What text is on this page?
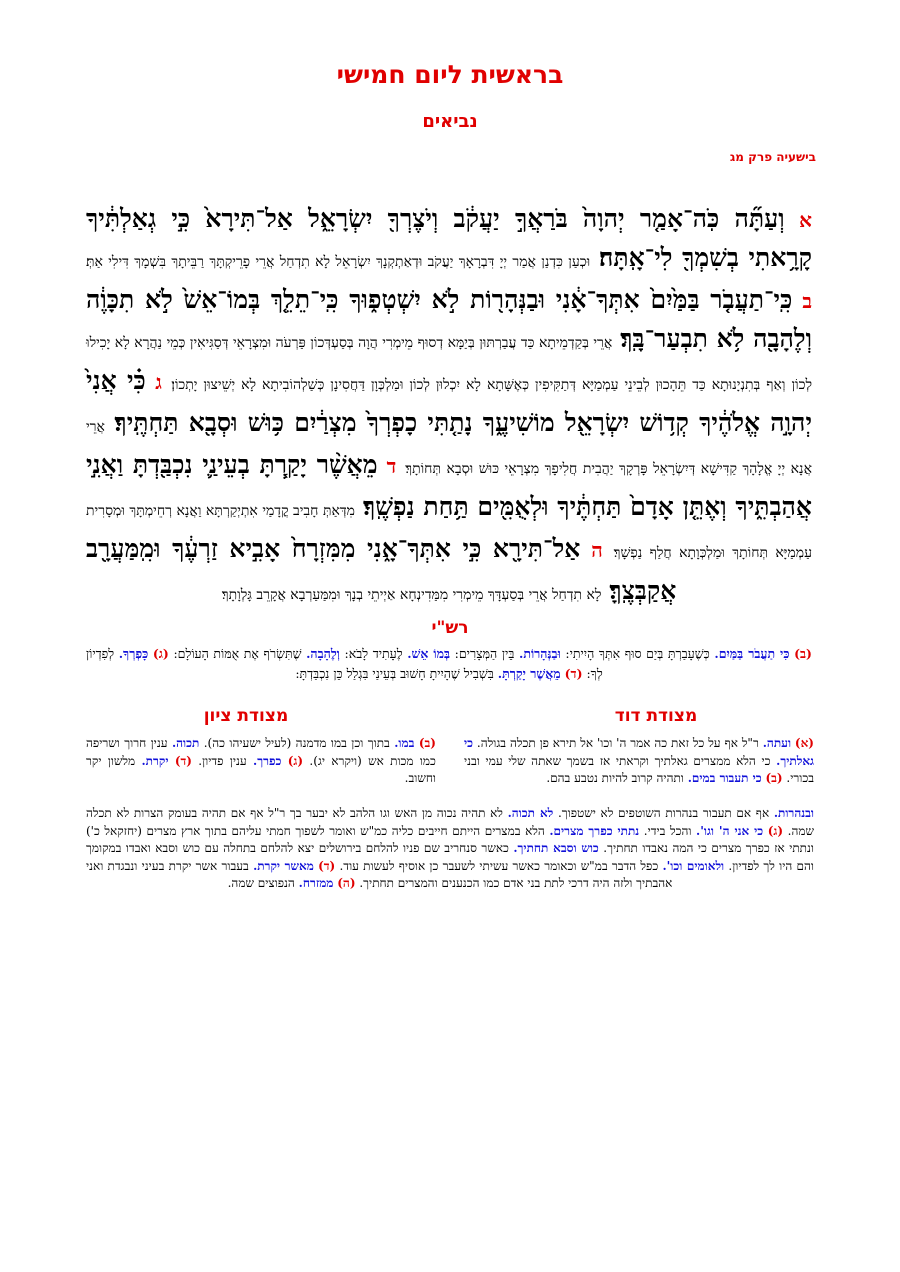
בראשית ליום חמישי
נביאים
בישעיה פרק מג
א וְעַתָּ֞ה כֹּֽה־אָמַ֤ר יְהוָה֙ בֹּרַאֲךָ֣ יַעֲקֹ֔ב וְיֹצֶרְךָ֖ יִשְׂרָאֵ֑ל אַל־תִּירָא֙ כִּ֣י גְאַלְתִּ֔יךָ קָרָ֥אתִי בְשִׁמְךָ֖ לִי־אָֽתָּה׃ וּכְעַן כִּדְנַן אֲמַר יְיָ דִּבְרָאָךְ יַעֲקֹב וּדְאַתְקְנָךְ יִשְׂרָאֵל לָא תִדְחַל אֲרֵי פָרֵיקְתָּךְ רַבֵּיתָךְ בִּשְׁמָךְ דִּילִי אַתְּ׃ ב כִּֽי־תַעֲבֹ֤ר בַּמַּ֙יִם֙ אִתְּךָ־אָ֔נִי וּבַנְּהָר֖וֹת לֹ֣א יִשְׁטְפ֑וּךָ כִּֽי־תֵלֵ֤ךְ בְּמוֹ־אֵשׁ֙ לֹ֣א תִכָּוֶ֔ה וְלֶהָבָ֖ה לֹ֥א תִבְעַר־בָּֽךְ׃ אֲרֵי בְּקַדְמֵיתָא כַּד עֲבַרְתּוּן בְּיַמָּא דְסוּף מֵימְרִי הֲוָה בְּסַעְדְּכוֹן פַּרְעֹה וּמִצְרָאֵי דְּסַגִּיאִין כְּמֵי נַהֲרָא לָא יָכִילוּ לְכוֹן וְאַף בְּתִנְיָנוּתָא כַּד תֵּהָכוּן לְבֵינֵי עַמְמַיָּא דְּתַקִּיפִין כְּאֶשָּׁתָא לָא יִכְלוּן לְכוֹן וּמַלְכְּוָן דַּחֲסִינָן כְּשַׁלְהוֹבִיתָא לָא יְשֵׁיצוּן יָתְכוֹן׃ ג כִּ֗י אֲנִי֙ יְהוָ֣ה אֱלֹהֶ֔יךָ קְד֥וֹשׁ יִשְׂרָאֵ֖ל מוֹשִׁיעֶ֑ךָ נָתַ֤תִּי כָפְרְךָ֙ מִצְרַ֔יִם כּ֥וּשׁ וּסְבָ֖א תַּחְתֶּֽיךָ׃ אֲרֵי אֲנָא יְיָ אֱלָהָךְ קַדִּישָׁא דְּיִשְׂרָאֵל פָּרְקָךְ יַהֲבִית חֲלִיפָךְ מִצְרָאֵי כּוּשׁ וּסְבָא תְּחוֹתָךְ׃ ד מֵאֲשֶׁ֨ר יָקַ֧רְתָּ בְעֵינַ֛י נִכְבַּ֖דְתָּ וַאֲנִ֣י אֲהַבְתִּ֑יךָ וְאֶתֵּ֤ן אָדָם֙ תַּחְתֶּ֔יךָ וּלְאֻמִּ֖ים תַּ֥חַת נַפְשֶֽׁךָ׃ מִדְּאַתְּ חָבִיב קֳדָמַי אִתְיְקַרְתָּא וַאֲנָא רְחֵימְתָּךְ וּמְסָרִית עַמְמַיָּא תְּחוֹתָךְ וּמַלְכְּוָתָא חֲלַף נַפְשָׁךְ׃ ה אַל־תִּירָ֖א כִּ֣י אִתְּךָ־אָ֑נִי מִמִּזְרָח֙ אָבִ֣יא זַרְעֶ֔ךָ וּמִֽמַּעֲרָ֖ב אֲקַבְּצֶֽךָּ׃ לָא תִדְחַל אֲרֵי בְּסַעְדָּךְ מֵימְרִי מִמַּדִינְחָא אַיְיתֵי בְנָךְ וּמִמַּעַרְבָא אֲקָרֵב גָּלְוָתָךְ׃
רש"י
(ב) כִּי תַעֲבֹר בַּמַּיִם. כְּשֶׁעָבַרְתָּ בְּיַם סוּף אִתְּךָ הָיִיתִי: וּבַנְּהָרוֹת. בֵּין הַמְּצָרִים: בְּמוֹ אֵשׁ. לֶעָתִיד לָבֹא: וְלֶהָבָה. שֶׁתִּשְׂרֹף אֶת אֻמּוֹת הָעוֹלָם: (ג) כָּפְרְךָ. לְפִדְיוֹן לְךָ: (ד) מֵאֲשֶׁר יָקַרְתָּ. בִּשְׁבִיל שֶׁהָיִיתָ חָשׁוּב בְּעֵינַי בִּגְלַל כֵּן נִכְבַּדְתָּ:
מצודת דוד
מצודת ציון
(ב) במו. בתוך וכן במו מדמנה (לעיל ישעיהו כה). תכוה. ענין חרוך ושריפה כמו מכות אש (ויקרא יג). (ג) כפרך. ענין פדיון. (ד) יקרת. מלשון יקר וחשוב.
(א) ועתה. ר"ל אף על כל זאת כה אמר ה' וכו' אל תירא פן תכלה בגולה. כי גאלתיך. כי הלא ממצרים גאלתיך וקראתי אז בשמך שאתה שלי עמי ובני בכורי. (ב) כי תעבור במים. ותהיה קרוב להיות נטבע בהם.
ובנהרות. אף אם תעבור בנהרות השוטפים לא ישטפוך. לא תכוה. לא תהיה נכוה מן האש וגו הלהב לא יבער בך ר"ל אף אם תהיה בעומק הצרות לא תכלה שמה. (ג) כי אני ה' וגו'. והכל בידי. נתתי כפרך מצרים. הלא במצרים הייתם חייבים כליה כמ"ש ואומר לשפוך חמתי עליהם בתוך ארץ מצרים (יחזקאל כ') ונתתי אז כפרך מצרים כי המה נאבדו תחתיך. כוש וסבא תחתיך. כאשר סנחריב שם פניו להלחם בירושלים יצא להלחם בתחלה עם כוש וסבא ואבדו במקומך והם היו לך לפדיון. ולאומים וכו'. כפל הדבר במ"ש וכאומר כאשר עשיתי לשעבר כן אוסיף לעשות עוד. (ד) מאשר יקרת. בעבור אשר יקרת בעיני ונבגדת ואני אהבתיך ולזה היה דרכי לתת בני אדם כמו הכנענים והמצרים תחתיך. (ה) ממזרח. הנפוצים שמה.
